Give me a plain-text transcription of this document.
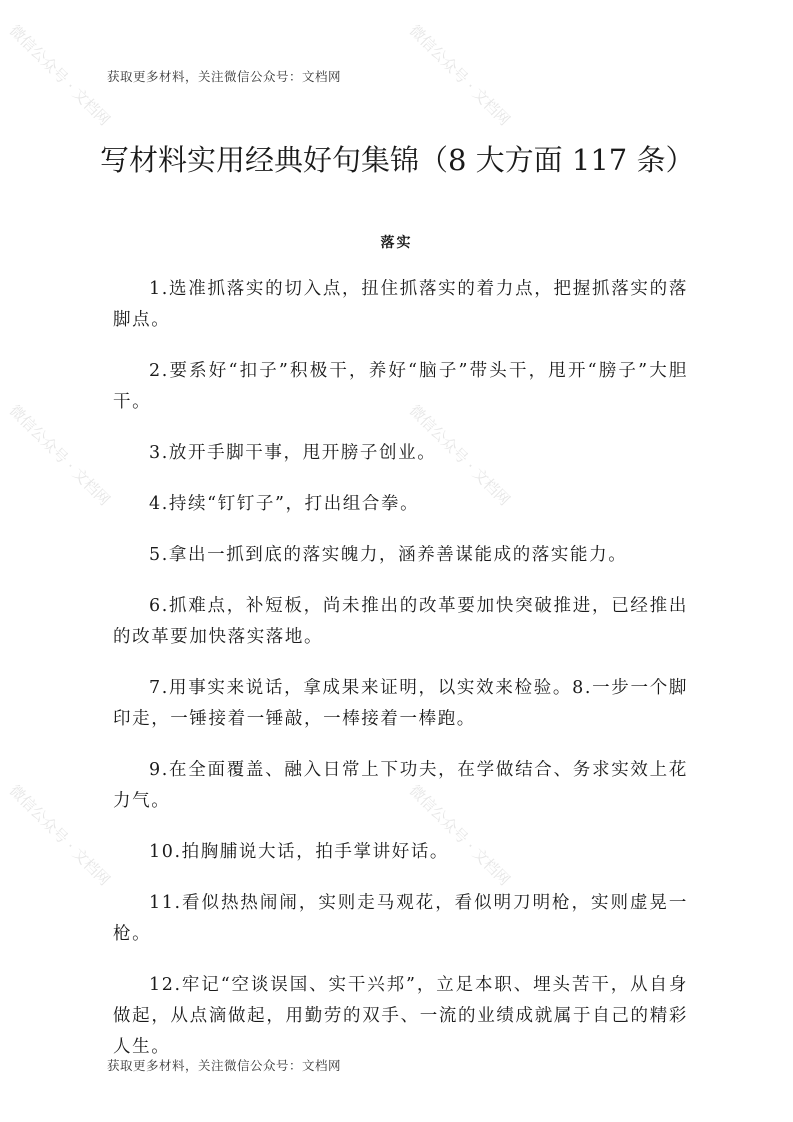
微信公众号 · 文档网	微信公众号 · 文档网
微信公众号 · 文档网	微信公众号 · 文档网
微信公众号 · 文档网	微信公众号 · 文档网
获取更多材料，关注微信公众号：文档网
写材料实用经典好句集锦（8 大方面 117 条）
落实

1.选准抓落实的切入点，扭住抓落实的着力点，把握抓落实的落脚点。

2.要系好“扣子”积极干，养好“脑子”带头干，甩开“膀子”大胆干。

3.放开手脚干事，甩开膀子创业。

4.持续“钉钉子”，打出组合拳。

5.拿出一抓到底的落实魄力，涵养善谋能成的落实能力。

6.抓难点，补短板，尚未推出的改革要加快突破推进，已经推出的改革要加快落实落地。

7.用事实来说话，拿成果来证明，以实效来检验。8.一步一个脚印走，一锤接着一锤敲，一棒接着一棒跑。

9.在全面覆盖、融入日常上下功夫，在学做结合、务求实效上花力气。

10.拍胸脯说大话，拍手掌讲好话。

11.看似热热闹闹，实则走马观花，看似明刀明枪，实则虚晃一枪。

12.牢记“空谈误国、实干兴邦”，立足本职、埋头苦干，从自身做起，从点滴做起，用勤劳的双手、一流的业绩成就属于自己的精彩人生。

获取更多材料，关注微信公众号：文档网
